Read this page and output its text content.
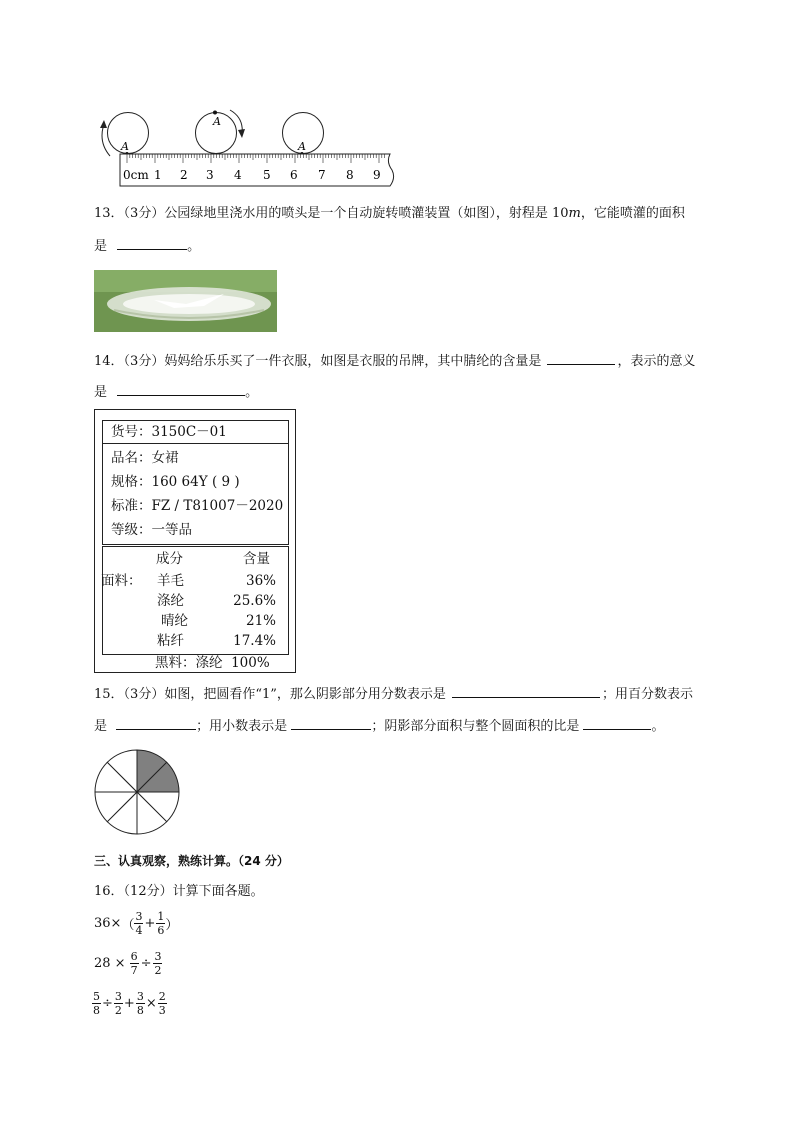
A
A
A
0cm 1 2 3 4 5 6 7 8 9
13．（3分）公园绿地里浇水用的喷头是一个自动旋转喷灌装置（如图），射程是 10m，它能喷灌的面积
是	。
14．（3分）妈妈给乐乐买了一件衣服，如图是衣服的吊牌，其中腈纶的含量是	，表示的意义
是	。
货号：3150C－01
品名：女裙
规格：160 64Y ( 9 )
标准：FZ / T81007－2020
等级：一等品
成分	含量
面料： 羊毛	36%
涤纶	25.6%
晴纶	21%
粘纤	17.4%
黑料：涤纶  100%
15．（3分）如图，把圆看作“1”，那么阴影部分用分数表示是	；用百分数表示
是	；用小数表示是	；阴影部分面积与整个圆面积的比是	。
三、认真观察，熟练计算。（24 分）
16．（12分）计算下面各题。
36× （ $\frac{3}{4} + \frac{1}{6}$ ）
$28 \times \frac{6}{7} \div \frac{3}{2}$
$\frac{5}{8} \div \frac{3}{2} + \frac{3}{8} \times \frac{2}{3}$
